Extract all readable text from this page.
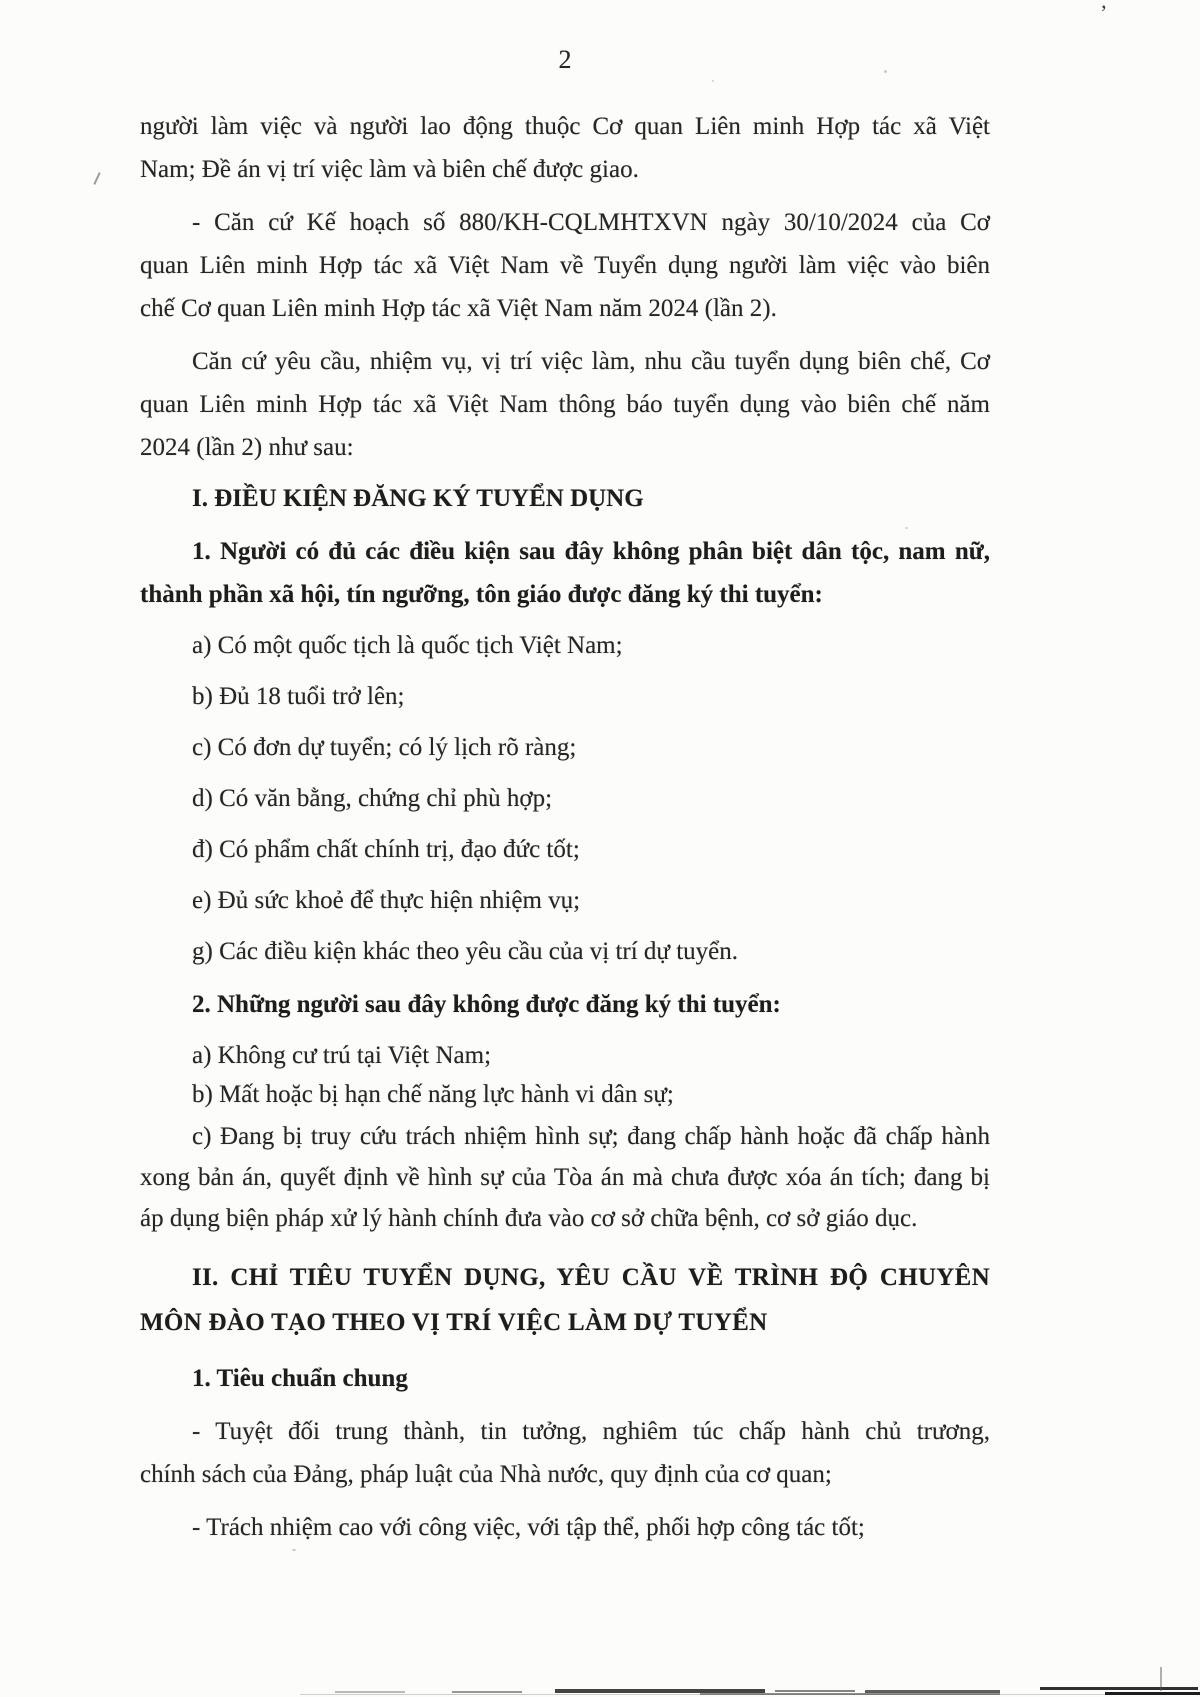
2
người làm việc và người lao động thuộc Cơ quan Liên minh Hợp tác xã Việt
Nam; Đề án vị trí việc làm và biên chế được giao.
- Căn cứ Kế hoạch số 880/KH-CQLMHTXVN ngày 30/10/2024 của Cơ
quan Liên minh Hợp tác xã Việt Nam về Tuyển dụng người làm việc vào biên
chế Cơ quan Liên minh Hợp tác xã Việt Nam năm 2024 (lần 2).
Căn cứ yêu cầu, nhiệm vụ, vị trí việc làm, nhu cầu tuyển dụng biên chế, Cơ
quan Liên minh Hợp tác xã Việt Nam thông báo tuyển dụng vào biên chế năm
2024 (lần 2) như sau:
I. ĐIỀU KIỆN ĐĂNG KÝ TUYỂN DỤNG
1. Người có đủ các điều kiện sau đây không phân biệt dân tộc, nam nữ,
thành phần xã hội, tín ngưỡng, tôn giáo được đăng ký thi tuyển:
a) Có một quốc tịch là quốc tịch Việt Nam;
b) Đủ 18 tuổi trở lên;
c) Có đơn dự tuyển; có lý lịch rõ ràng;
d) Có văn bằng, chứng chỉ phù hợp;
đ) Có phẩm chất chính trị, đạo đức tốt;
e) Đủ sức khoẻ để thực hiện nhiệm vụ;
g) Các điều kiện khác theo yêu cầu của vị trí dự tuyển.
2. Những người sau đây không được đăng ký thi tuyển:
a) Không cư trú tại Việt Nam;
b) Mất hoặc bị hạn chế năng lực hành vi dân sự;
c) Đang bị truy cứu trách nhiệm hình sự; đang chấp hành hoặc đã chấp hành
xong bản án, quyết định về hình sự của Tòa án mà chưa được xóa án tích; đang bị
áp dụng biện pháp xử lý hành chính đưa vào cơ sở chữa bệnh, cơ sở giáo dục.
II. CHỈ TIÊU TUYỂN DỤNG, YÊU CẦU VỀ TRÌNH ĐỘ CHUYÊN
MÔN ĐÀO TẠO THEO VỊ TRÍ VIỆC LÀM DỰ TUYỂN
1. Tiêu chuẩn chung
- Tuyệt đối trung thành, tin tưởng, nghiêm túc chấp hành chủ trương,
chính sách của Đảng, pháp luật của Nhà nước, quy định của cơ quan;
- Trách nhiệm cao với công việc, với tập thể, phối hợp công tác tốt;
’
